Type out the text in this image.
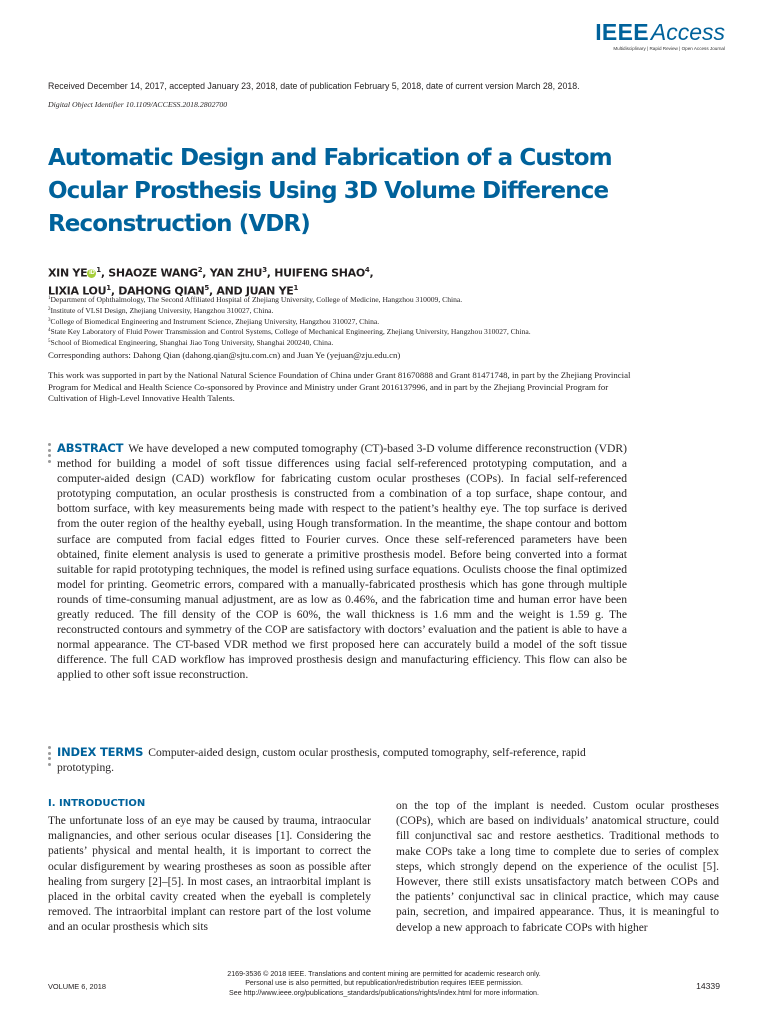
IEEEAccess
Multidisciplinary | Rapid Review | Open Access Journal
Received December 14, 2017, accepted January 23, 2018, date of publication February 5, 2018, date of current version March 28, 2018.
Digital Object Identifier 10.1109/ACCESS.2018.2802700
Automatic Design and Fabrication of a Custom Ocular Prosthesis Using 3D Volume Difference Reconstruction (VDR)
XIN YE iD $^1$, SHAOZE WANG$^2$, YAN ZHU$^3$, HUIFENG SHAO$^4$,
LIXIA LOU$^1$, DAHONG QIAN$^5$, AND JUAN $YE^1$
$^1$Department of Ophthalmology, The Second Affiliated Hospital of Zhejiang University, College of Medicine, Hangzhou 310009, China.
$^2$Institute of VLSI Design, Zhejiang University, Hangzhou 310027, China.
$^3$College of Biomedical Engineering and Instrument Science, Zhejiang University, Hangzhou 310027, China.
$^4$State Key Laboratory of Fluid Power Transmission and Control Systems, College of Mechanical Engineering, Zhejiang University, Hangzhou 310027, China.
$^5$School of Biomedical Engineering, Shanghai Jiao Tong University, Shanghai 200240, China.
Corresponding authors: Dahong Qian (dahong.qian@sjtu.com.cn) and Juan Ye (yejuan@zju.edu.cn)
This work was supported in part by the National Natural Science Foundation of China under Grant 81670888 and Grant 81471748, in part by the Zhejiang Provincial Program for Medical and Health Science Co-sponsored by Province and Ministry under Grant 2016137996, and in part by the Zhejiang Provincial Program for Cultivation of High-Level Innovative Health Talents.
ABSTRACT We have developed a new computed tomography (CT)-based 3-D volume difference reconstruction (VDR) method for building a model of soft tissue differences using facial self-referenced prototyping computation, and a computer-aided design (CAD) workflow for fabricating custom ocular prostheses (COPs). In facial self-referenced prototyping computation, an ocular prosthesis is constructed from a combination of a top surface, shape contour, and bottom surface, with key measurements being made with respect to the patient’s healthy eye. The top surface is derived from the outer region of the healthy eyeball, using Hough transformation. In the meantime, the shape contour and bottom surface are computed from facial edges fitted to Fourier curves. Once these self-referenced parameters have been obtained, finite element analysis is used to generate a primitive prosthesis model. Before being converted into a format suitable for rapid prototyping techniques, the model is refined using surface equations. Oculists choose the final optimized model for printing. Geometric errors, compared with a manually-fabricated prosthesis which has gone through multiple rounds of time-consuming manual adjustment, are as low as 0.46%, and the fabrication time and human error have been greatly reduced. The fill density of the COP is 60%, the wall thickness is 1.6 mm and the weight is 1.59 g. The reconstructed contours and symmetry of the COP are satisfactory with doctors’ evaluation and the patient is able to have a normal appearance. The CT-based VDR method we first proposed here can accurately build a model of the soft tissue difference. The full CAD workflow has improved prosthesis design and manufacturing efficiency. This flow can also be applied to other soft issue reconstruction.
INDEX TERMS Computer-aided design, custom ocular prosthesis, computed tomography, self-reference, rapid prototyping.
I. INTRODUCTION
The unfortunate loss of an eye may be caused by trauma, intraocular malignancies, and other serious ocular diseases [1]. Considering the patients’ physical and mental health, it is important to correct the ocular disfigurement by wearing prostheses as soon as possible after healing from surgery [2]–[5]. In most cases, an intraorbital implant is placed in the orbital cavity created when the eyeball is completely removed. The intraorbital implant can restore part of the lost volume and an ocular prosthesis which sits
on the top of the implant is needed. Custom ocular prostheses (COPs), which are based on individuals’ anatomical structure, could fill conjunctival sac and restore aesthetics. Traditional methods to make COPs take a long time to complete due to series of complex steps, which strongly depend on the experience of the oculist [5]. However, there still exists unsatisfactory match between COPs and the patients’ conjunctival sac in clinical practice, which may cause pain, secretion, and impaired appearance. Thus, it is meaningful to develop a new approach to fabricate COPs with higher
VOLUME 6, 2018
2169-3536 © 2018 IEEE. Translations and content mining are permitted for academic research only.
Personal use is also permitted, but republication/redistribution requires IEEE permission.
See http://www.ieee.org/publications_standards/publications/rights/index.html for more information.
14339
